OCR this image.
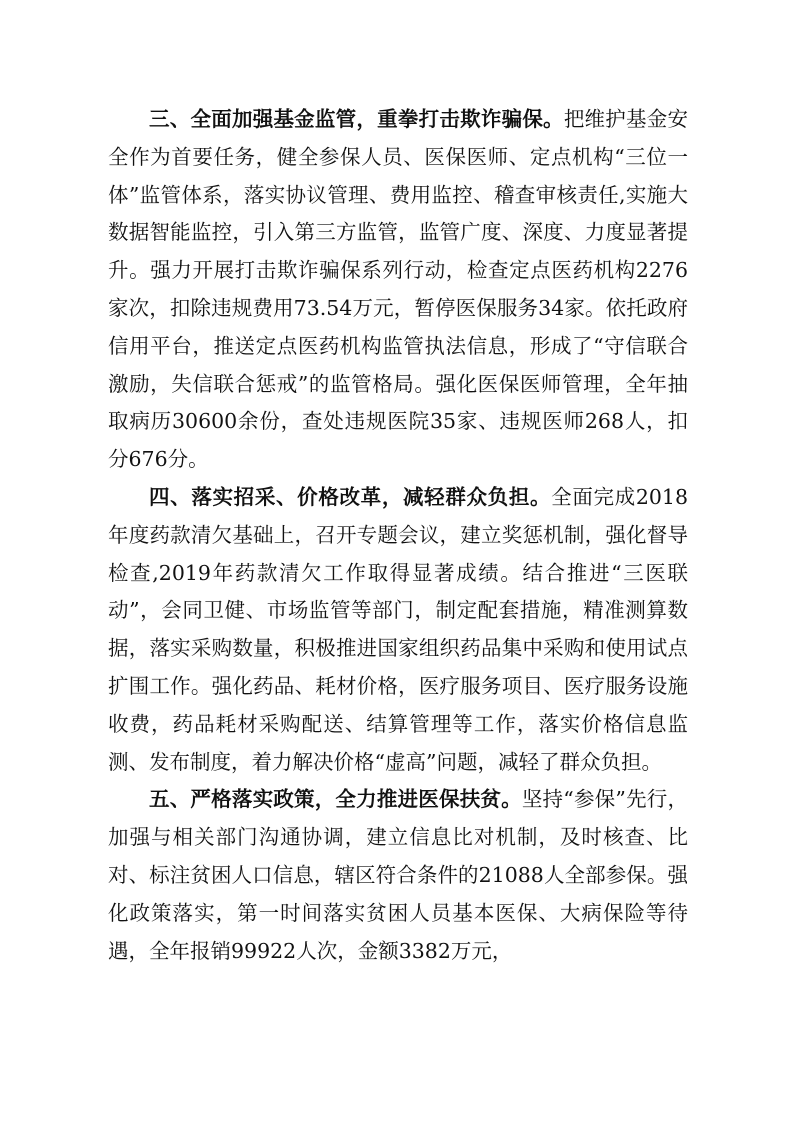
三、全面加强基金监管，重拳打击欺诈骗保。把维护基金安全作为首要任务，健全参保人员、医保医师、定点机构“三位一体”监管体系，落实协议管理、费用监控、稽查审核责任,实施大数据智能监控，引入第三方监管，监管广度、深度、力度显著提升。强力开展打击欺诈骗保系列行动，检查定点医药机构2276家次，扣除违规费用73.54万元，暂停医保服务34家。依托政府信用平台，推送定点医药机构监管执法信息，形成了“守信联合激励，失信联合惩戒”的监管格局。强化医保医师管理，全年抽取病历30600余份，查处违规医院35家、违规医师268人，扣分676分。

四、落实招采、价格改革，减轻群众负担。全面完成2018年度药款清欠基础上，召开专题会议，建立奖惩机制，强化督导检查,2019年药款清欠工作取得显著成绩。结合推进“三医联动”，会同卫健、市场监管等部门，制定配套措施，精准测算数据，落实采购数量，积极推进国家组织药品集中采购和使用试点扩围工作。强化药品、耗材价格，医疗服务项目、医疗服务设施收费，药品耗材采购配送、结算管理等工作，落实价格信息监测、发布制度，着力解决价格“虚高”问题，减轻了群众负担。

五、严格落实政策，全力推进医保扶贫。坚持“参保”先行，加强与相关部门沟通协调，建立信息比对机制，及时核查、比对、标注贫困人口信息，辖区符合条件的21088人全部参保。强化政策落实，第一时间落实贫困人员基本医保、大病保险等待遇，全年报销99922人次，金额3382万元，
